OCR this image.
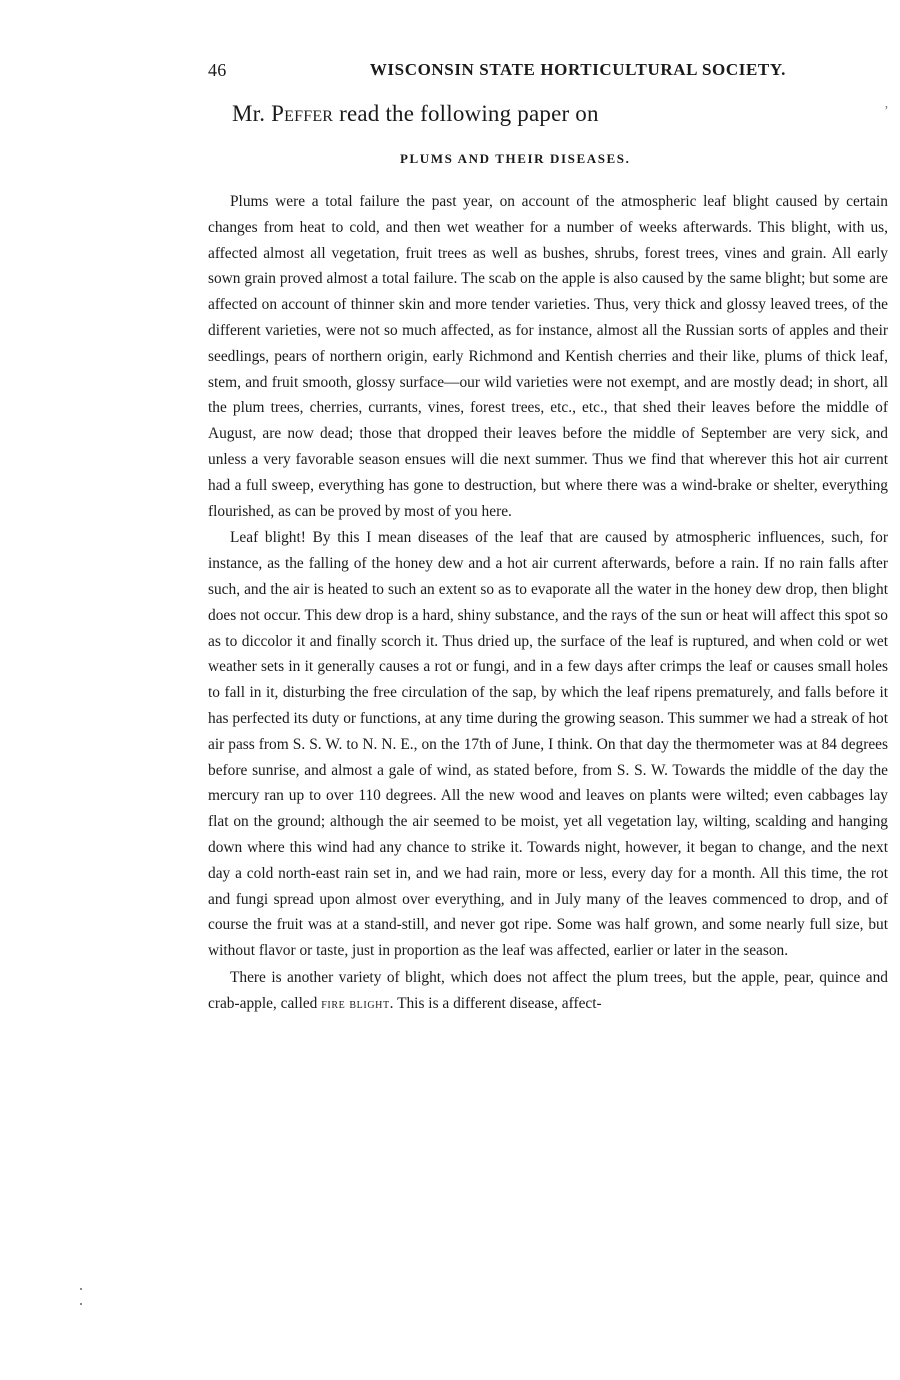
46	WISCONSIN STATE HORTICULTURAL SOCIETY.
Mr. Peffer read the following paper on	ʼ
PLUMS AND THEIR DISEASES.

Plums were a total failure the past year, on account of the atmospheric leaf blight caused by certain changes from heat to cold, and then wet weather for a number of weeks afterwards. This blight, with us, affected almost all vegetation, fruit trees as well as bushes, shrubs, forest trees, vines and grain. All early sown grain proved almost a total failure. The scab on the apple is also caused by the same blight; but some are affected on account of thinner skin and more tender varieties. Thus, very thick and glossy leaved trees, of the different varieties, were not so much affected, as for instance, almost all the Russian sorts of apples and their seedlings, pears of northern origin, early Richmond and Kentish cherries and their like, plums of thick leaf, stem, and fruit smooth, glossy surface—our wild varieties were not exempt, and are mostly dead; in short, all the plum trees, cherries, currants, vines, forest trees, etc., etc., that shed their leaves before the middle of August, are now dead; those that dropped their leaves before the middle of September are very sick, and unless a very favorable season ensues will die next summer. Thus we find that wherever this hot air current had a full sweep, everything has gone to destruction, but where there was a wind-brake or shelter, everything flourished, as can be proved by most of you here.

Leaf blight! By this I mean diseases of the leaf that are caused by atmospheric influences, such, for instance, as the falling of the honey dew and a hot air current afterwards, before a rain. If no rain falls after such, and the air is heated to such an extent so as to evaporate all the water in the honey dew drop, then blight does not occur. This dew drop is a hard, shiny substance, and the rays of the sun or heat will affect this spot so as to diccolor it and finally scorch it. Thus dried up, the surface of the leaf is ruptured, and when cold or wet weather sets in it generally causes a rot or fungi, and in a few days after crimps the leaf or causes small holes to fall in it, disturbing the free circulation of the sap, by which the leaf ripens prematurely, and falls before it has perfected its duty or functions, at any time during the growing season. This summer we had a streak of hot air pass from S. S. W. to N. N. E., on the 17th of June, I think. On that day the thermometer was at 84 degrees before sunrise, and almost a gale of wind, as stated before, from S. S. W. Towards the middle of the day the mercury ran up to over 110 degrees. All the new wood and leaves on plants were wilted; even cabbages lay flat on the ground; although the air seemed to be moist, yet all vegetation lay, wilting, scalding and hanging down where this wind had any chance to strike it. Towards night, however, it began to change, and the next day a cold north-east rain set in, and we had rain, more or less, every day for a month. All this time, the rot and fungi spread upon almost over everything, and in July many of the leaves commenced to drop, and of course the fruit was at a stand-still, and never got ripe. Some was half grown, and some nearly full size, but without flavor or taste, just in proportion as the leaf was affected, earlier or later in the season.

There is another variety of blight, which does not affect the plum trees, but the apple, pear, quince and crab-apple, called fire blight. This is a different disease, affect-
